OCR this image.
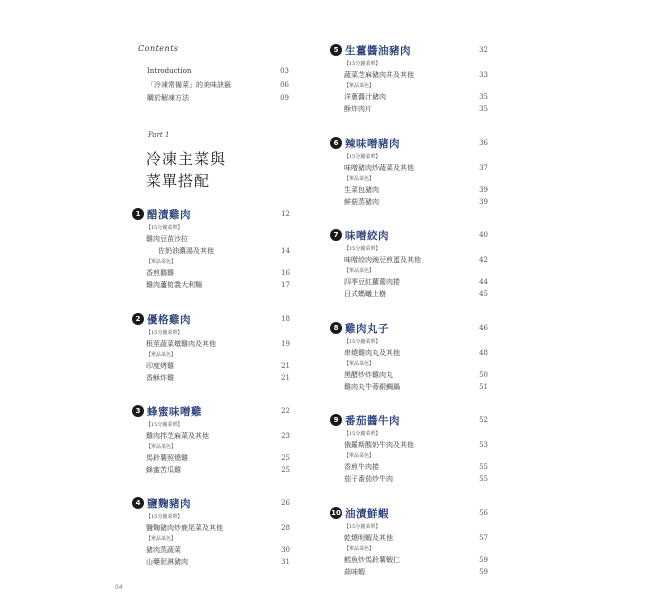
Contents
Introduction	03
「冷凍常備菜」的美味訣竅	06
關於解凍方法	09
Part 1
冷凍主菜與
菜單搭配
1 醋漬雞肉	12
【15分鐘菜單】
雞肉豆苗沙拉
佐奶油濃湯及其他	14
【單品菜色】
香煎鵝雞	16
雞肉蘆筍義大利麵	17
2 優格雞肉	18
【15分鐘菜單】
根莖蔬菜燉雞肉及其他	19
【單品菜色】
印度烤雞	21
香穌炸雞	21
3 蜂蜜味噌雞	22
【15分鐘菜單】
雞肉拌芝麻菜及其他	23
【單品菜色】
馬鈴薯照燒雞	25
蜂蜜苦瓜雞	25
4 鹽麴豬肉	26
【15分鐘菜單】
鹽麴豬肉炒鹿尾菜及其他	28
【單品菜色】
豬肉蒸蔬菜	30
山藥泥淋豬肉	31
5 生薑醬油豬肉	32
【15分鐘菜單】
蔬菜芝麻豬肉丼及其他	33
【單品菜色】
洋蔥醬汁豬肉	35
酥炸肉片	35
6 辣味噌豬肉	36
【15分鐘菜單】
味噌豬肉炒蔬菜及其他	37
【單品菜色】
生菜包豬肉	39
鮮菇蒸豬肉	39
7 味噌絞肉	40
【15分鐘菜單】
味噌絞肉豌豆煎蛋及其他	42
【單品菜色】
四季豆紅蘿蔔肉捲	44
日式螞蟻上樹	45
8 雞肉丸子	46
【15分鐘菜單】
串燒雞肉丸及其他	48
【單品菜色】
黑醋炒炸雞肉丸	50
雞肉丸牛蒡銀鯛鍋	51
9 番茄醬牛肉	52
【15分鐘菜單】
俄羅斯酸奶牛肉及其他	53
【單品菜色】
香煎牛肉捲	55
茄子番茄炒牛肉	55
10 油漬鮮蝦	56
【15分鐘菜單】
乾燒明蝦及其他	57
【單品菜色】
鱈魚炒馬鈴薯蝦仁	59
蒜味蝦	59
04
